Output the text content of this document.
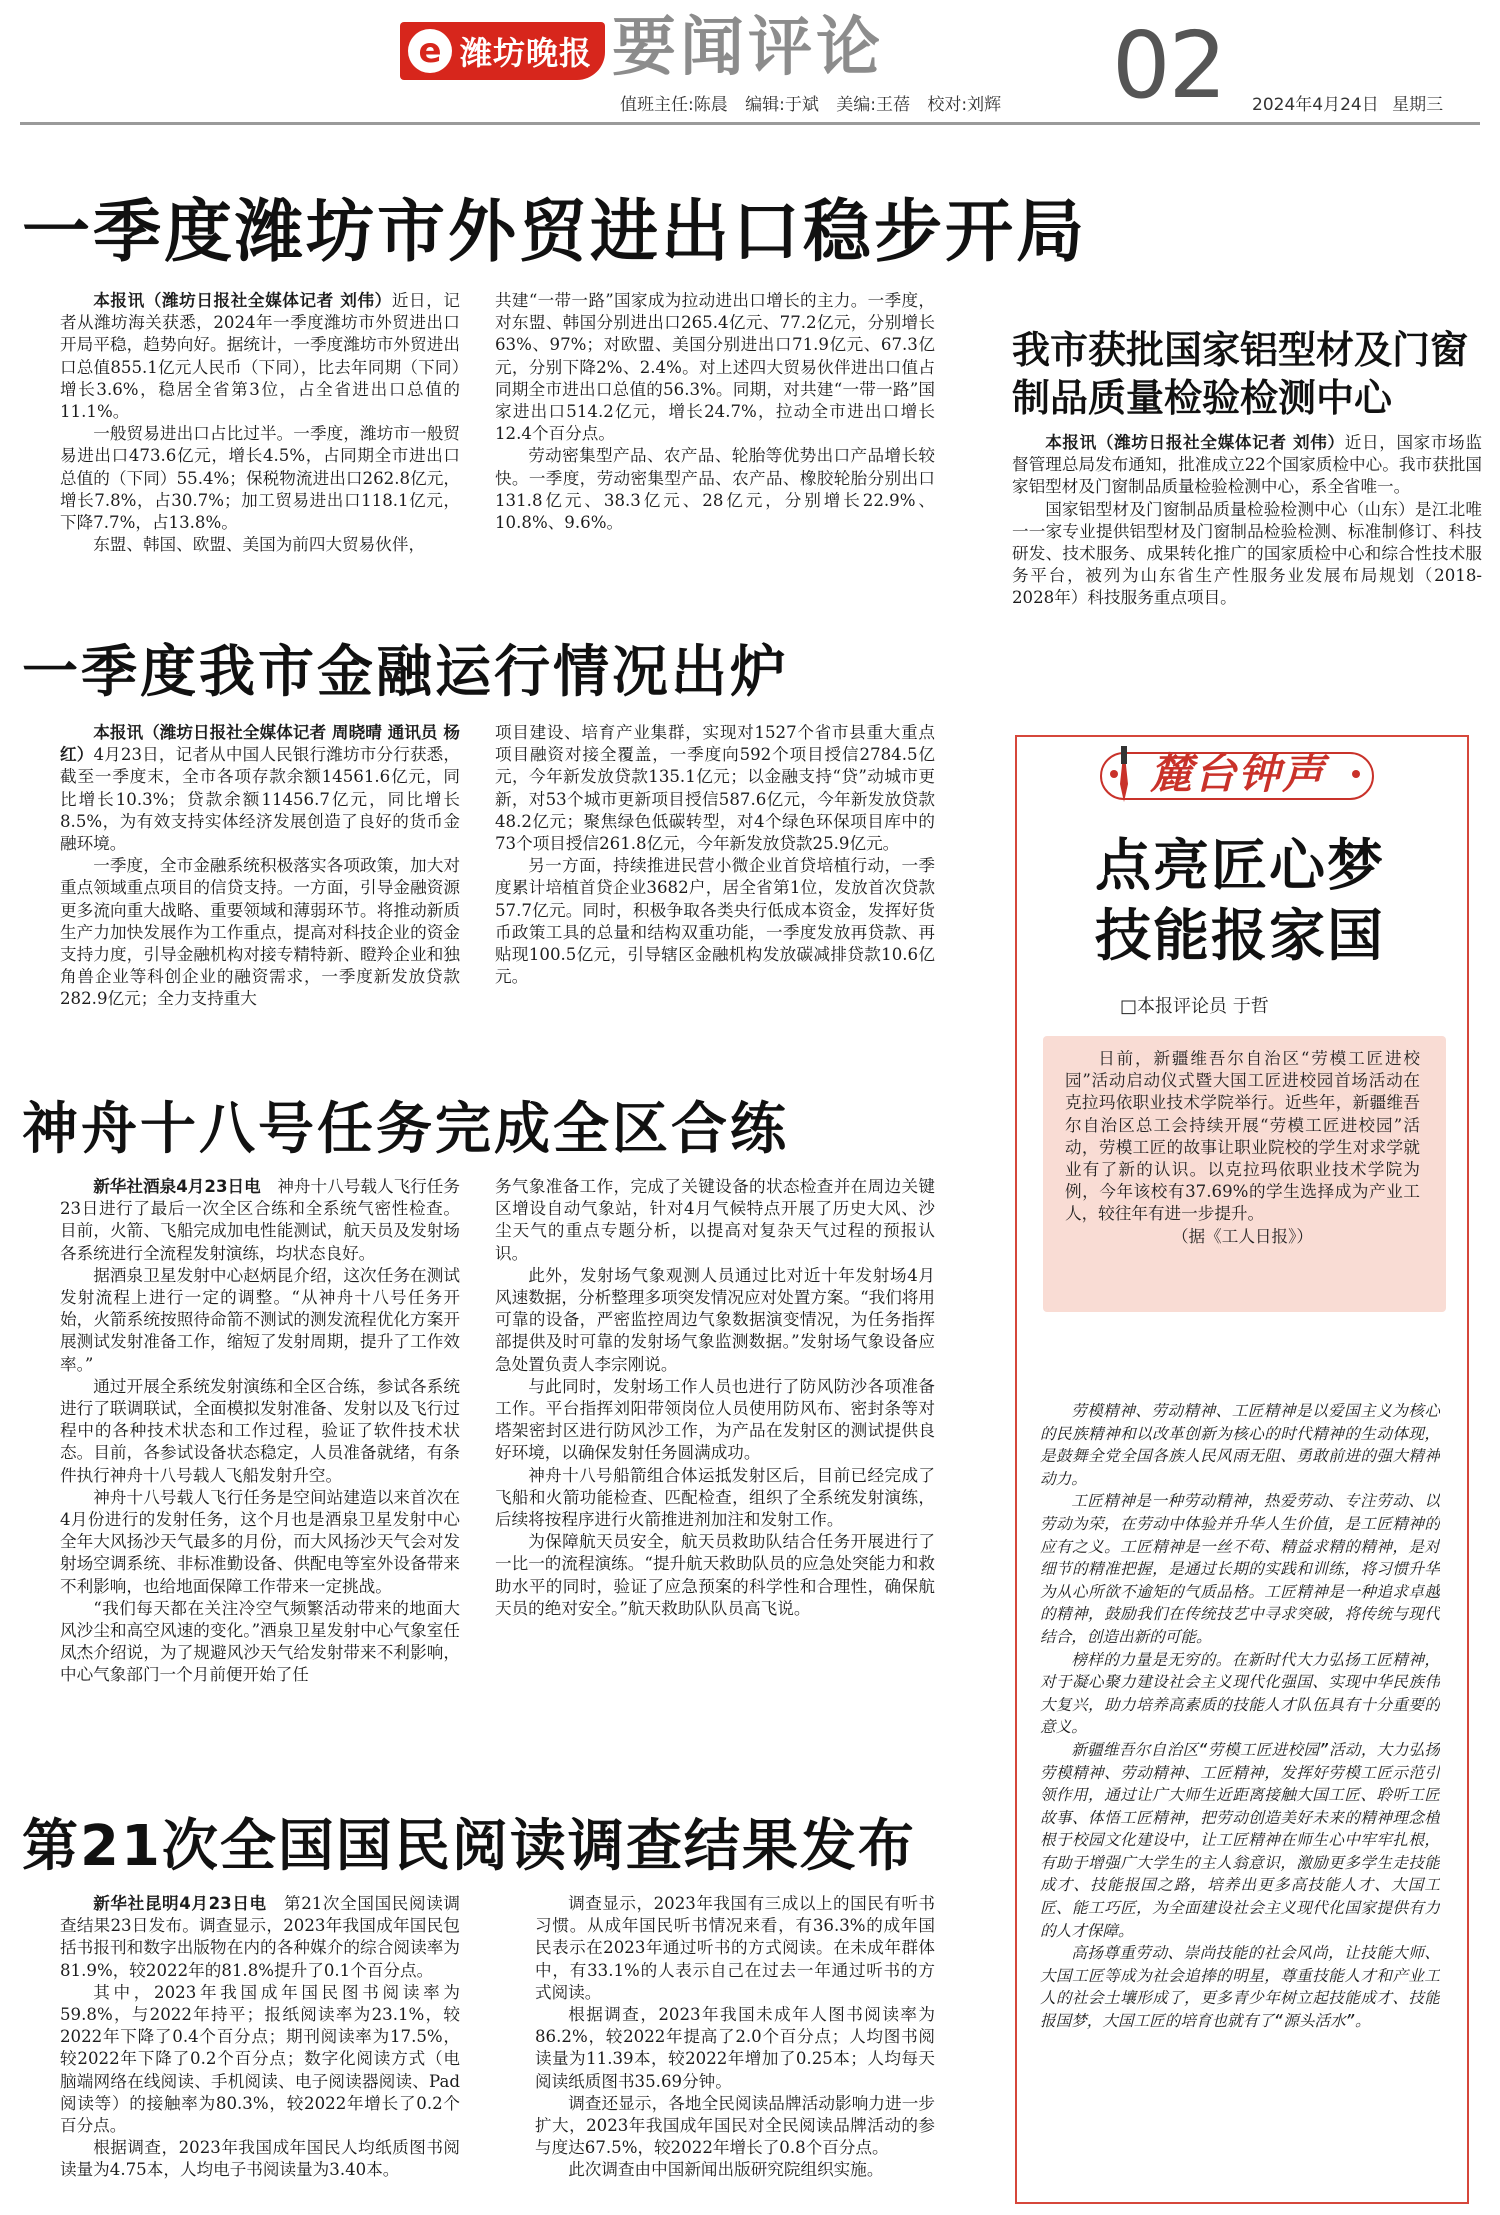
e 潍坊晚报 要闻评论 02
值班主任:陈晨 编辑:于斌 美编:王蓓 校对:刘辉	2024年4月24日 星期三
一季度潍坊市外贸进出口稳步开局

本报讯（潍坊日报社全媒体记者 刘伟）近日，记者从潍坊海关获悉，2024年一季度潍坊市外贸进出口开局平稳，趋势向好。据统计，一季度潍坊市外贸进出口总值855.1亿元人民币（下同），比去年同期（下同）增长3.6%，稳居全省第3位，占全省进出口总值的11.1%。

一般贸易进出口占比过半。一季度，潍坊市一般贸易进出口473.6亿元，增长4.5%，占同期全市进出口总值的（下同）55.4%；保税物流进出口262.8亿元，增长7.8%，占30.7%；加工贸易进出口118.1亿元，下降7.7%，占13.8%。

东盟、韩国、欧盟、美国为前四大贸易伙伴，

共建“一带一路”国家成为拉动进出口增长的主力。一季度，对东盟、韩国分别进出口265.4亿元、77.2亿元，分别增长63%、97%；对欧盟、美国分别进出口71.9亿元、67.3亿元，分别下降2%、2.4%。对上述四大贸易伙伴进出口值占同期全市进出口总值的56.3%。同期，对共建“一带一路”国家进出口514.2亿元，增长24.7%，拉动全市进出口增长12.4个百分点。

劳动密集型产品、农产品、轮胎等优势出口产品增长较快。一季度，劳动密集型产品、农产品、橡胶轮胎分别出口131.8亿元、38.3亿元、28亿元，分别增长22.9%、10.8%、9.6%。

我市获批国家铝型材及门窗制品质量检验检测中心

本报讯（潍坊日报社全媒体记者 刘伟）近日，国家市场监督管理总局发布通知，批准成立22个国家质检中心。我市获批国家铝型材及门窗制品质量检验检测中心，系全省唯一。

国家铝型材及门窗制品质量检验检测中心（山东）是江北唯一一家专业提供铝型材及门窗制品检验检测、标准制修订、科技研发、技术服务、成果转化推广的国家质检中心和综合性技术服务平台，被列为山东省生产性服务业发展布局规划（2018-2028年）科技服务重点项目。

一季度我市金融运行情况出炉

本报讯（潍坊日报社全媒体记者 周晓晴 通讯员 杨红）4月23日，记者从中国人民银行潍坊市分行获悉，截至一季度末，全市各项存款余额14561.6亿元，同比增长10.3%；贷款余额11456.7亿元，同比增长8.5%，为有效支持实体经济发展创造了良好的货币金融环境。

一季度，全市金融系统积极落实各项政策，加大对重点领域重点项目的信贷支持。一方面，引导金融资源更多流向重大战略、重要领域和薄弱环节。将推动新质生产力加快发展作为工作重点，提高对科技企业的资金支持力度，引导金融机构对接专精特新、瞪羚企业和独角兽企业等科创企业的融资需求，一季度新发放贷款282.9亿元；全力支持重大

项目建设、培育产业集群，实现对1527个省市县重大重点项目融资对接全覆盖，一季度向592个项目授信2784.5亿元，今年新发放贷款135.1亿元；以金融支持“贷”动城市更新，对53个城市更新项目授信587.6亿元，今年新发放贷款48.2亿元；聚焦绿色低碳转型，对4个绿色环保项目库中的73个项目授信261.8亿元，今年新发放贷款25.9亿元。

另一方面，持续推进民营小微企业首贷培植行动，一季度累计培植首贷企业3682户，居全省第1位，发放首次贷款57.7亿元。同时，积极争取各类央行低成本资金，发挥好货币政策工具的总量和结构双重功能，一季度发放再贷款、再贴现100.5亿元，引导辖区金融机构发放碳减排贷款10.6亿元。

神舟十八号任务完成全区合练

新华社酒泉4月23日电　 神舟十八号载人飞行任务23日进行了最后一次全区合练和全系统气密性检查。目前，火箭、飞船完成加电性能测试，航天员及发射场各系统进行全流程发射演练，均状态良好。

据酒泉卫星发射中心赵炳昆介绍，这次任务在测试发射流程上进行一定的调整。“从神舟十八号任务开始，火箭系统按照待命箭不测试的测发流程优化方案开展测试发射准备工作，缩短了发射周期，提升了工作效率。”

通过开展全系统发射演练和全区合练，参试各系统进行了联调联试，全面模拟发射准备、发射以及飞行过程中的各种技术状态和工作过程，验证了软件技术状态。目前，各参试设备状态稳定，人员准备就绪，有条件执行神舟十八号载人飞船发射升空。

神舟十八号载人飞行任务是空间站建造以来首次在4月份进行的发射任务，这个月也是酒泉卫星发射中心全年大风扬沙天气最多的月份，而大风扬沙天气会对发射场空调系统、非标准勤设备、供配电等室外设备带来不利影响，也给地面保障工作带来一定挑战。

“我们每天都在关注冷空气频繁活动带来的地面大风沙尘和高空风速的变化。”酒泉卫星发射中心气象室任凤杰介绍说，为了规避风沙天气给发射带来不利影响，中心气象部门一个月前便开始了任

务气象准备工作，完成了关键设备的状态检查并在周边关键区增设自动气象站，针对4月气候特点开展了历史大风、沙尘天气的重点专题分析，以提高对复杂天气过程的预报认识。

此外，发射场气象观测人员通过比对近十年发射场4月风速数据，分析整理多项突发情况应对处置方案。“我们将用可靠的设备，严密监控周边气象数据演变情况，为任务指挥部提供及时可靠的发射场气象监测数据。”发射场气象设备应急处置负责人李宗刚说。

与此同时，发射场工作人员也进行了防风防沙各项准备工作。平台指挥刘阳带领岗位人员使用防风布、密封条等对塔架密封区进行防风沙工作，为产品在发射区的测试提供良好环境，以确保发射任务圆满成功。

神舟十八号船箭组合体运抵发射区后，目前已经完成了飞船和火箭功能检查、匹配检查，组织了全系统发射演练，后续将按程序进行火箭推进剂加注和发射工作。

为保障航天员安全，航天员救助队结合任务开展进行了一比一的流程演练。“提升航天救助队员的应急处突能力和救助水平的同时，验证了应急预案的科学性和合理性，确保航天员的绝对安全。”航天救助队队员高飞说。

第21次全国国民阅读调查结果发布

新华社昆明4月23日电　 第21次全国国民阅读调查结果23日发布。调查显示，2023年我国成年国民包括书报刊和数字出版物在内的各种媒介的综合阅读率为81.9%，较2022年的81.8%提升了0.1个百分点。

其中，2023年我国成年国民图书阅读率为59.8%，与2022年持平；报纸阅读率为23.1%，较2022年下降了0.4个百分点；期刊阅读率为17.5%，较2022年下降了0.2个百分点；数字化阅读方式（电脑端网络在线阅读、手机阅读、电子阅读器阅读、Pad阅读等）的接触率为80.3%，较2022年增长了0.2个百分点。

根据调查，2023年我国成年国民人均纸质图书阅读量为4.75本，人均电子书阅读量为3.40本。

调查显示，2023年我国有三成以上的国民有听书习惯。从成年国民听书情况来看，有36.3%的成年国民表示在2023年通过听书的方式阅读。在未成年群体中，有33.1%的人表示自己在过去一年通过听书的方式阅读。

根据调查，2023年我国未成年人图书阅读率为86.2%，较2022年提高了2.0个百分点；人均图书阅读量为11.39本，较2022年增加了0.25本；人均每天阅读纸质图书35.69分钟。

调查还显示，各地全民阅读品牌活动影响力进一步扩大，2023年我国成年国民对全民阅读品牌活动的参与度达67.5%，较2022年增长了0.8个百分点。

此次调查由中国新闻出版研究院组织实施。

麓台钟声
点亮匠心梦
技能报家国
□本报评论员 于哲

日前，新疆维吾尔自治区“劳模工匠进校园”活动启动仪式暨大国工匠进校园首场活动在克拉玛依职业技术学院举行。近些年，新疆维吾尔自治区总工会持续开展“劳模工匠进校园”活动，劳模工匠的故事让职业院校的学生对求学就业有了新的认识。以克拉玛依职业技术学院为例，今年该校有37.69%的学生选择成为产业工人，较往年有进一步提升。
（据《工人日报》）

劳模精神、劳动精神、工匠精神是以爱国主义为核心的民族精神和以改革创新为核心的时代精神的生动体现，是鼓舞全党全国各族人民风雨无阻、勇敢前进的强大精神动力。

工匠精神是一种劳动精神，热爱劳动、专注劳动、以劳动为荣，在劳动中体验并升华人生价值，是工匠精神的应有之义。工匠精神是一丝不苟、精益求精的精神，是对细节的精准把握，是通过长期的实践和训练，将习惯升华为从心所欲不逾矩的气质品格。工匠精神是一种追求卓越的精神，鼓励我们在传统技艺中寻求突破，将传统与现代结合，创造出新的可能。

榜样的力量是无穷的。在新时代大力弘扬工匠精神，对于凝心聚力建设社会主义现代化强国、实现中华民族伟大复兴，助力培养高素质的技能人才队伍具有十分重要的意义。

新疆维吾尔自治区“劳模工匠进校园”活动，大力弘扬劳模精神、劳动精神、工匠精神，发挥好劳模工匠示范引领作用，通过让广大师生近距离接触大国工匠、聆听工匠故事、体悟工匠精神，把劳动创造美好未来的精神理念植根于校园文化建设中，让工匠精神在师生心中牢牢扎根，有助于增强广大学生的主人翁意识，激励更多学生走技能成才、技能报国之路，培养出更多高技能人才、大国工匠、能工巧匠，为全面建设社会主义现代化国家提供有力的人才保障。

高扬尊重劳动、崇尚技能的社会风尚，让技能大师、大国工匠等成为社会追捧的明星，尊重技能人才和产业工人的社会土壤形成了，更多青少年树立起技能成才、技能报国梦，大国工匠的培育也就有了“源头活水”。
